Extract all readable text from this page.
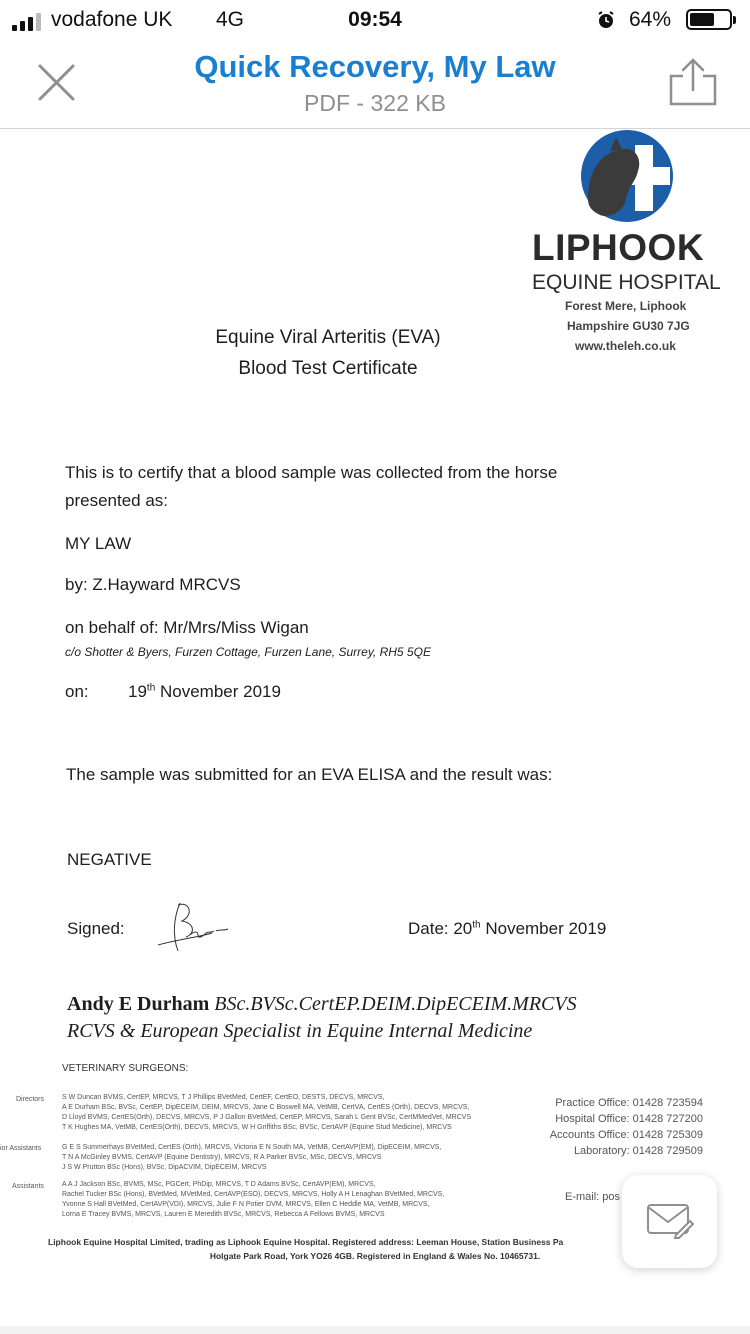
vodafone UK 4G	09:54	64%
Quick Recovery, My Law
PDF - 322 KB
LIPHOOK
EQUINE HOSPITAL
Forest Mere, Liphook
Hampshire GU30 7JG
www.theleh.co.uk
Equine Viral Arteritis (EVA)
Blood Test Certificate
This is to certify that a blood sample was collected from the horse
presented as:
MY LAW
by: Z.Hayward MRCVS
on behalf of: Mr/Mrs/Miss Wigan
c/o Shotter & Byers, Furzen Cottage, Furzen Lane, Surrey, RH5 5QE
on: 19th November 2019
The sample was submitted for an EVA ELISA and the result was:
NEGATIVE
Signed:	Date: 20th November 2019
Andy E Durham BSc.BVSc.CertEP.DEIM.DipECEIM.MRCVS
RCVS & European Specialist in Equine Internal Medicine
VETERINARY SURGEONS:
Directors	S W Duncan BVMS, CertEP, MRCVS, T J Phillips BVetMed, CertEF, CertEO, DESTS, DECVS, MRCVS,
A E Durham BSc, BVSc, CertEP, DipECEIM, DEIM, MRCVS, Jane C Boswell MA, VetMB, CertVA, CertES (Orth), DECVS, MRCVS,
D Lloyd BVMS, CertES(Orth), DECVS, MRCVS, P J Gallon BVetMed, CertEP, MRCVS, Sarah L Gent BVSc, CertMMedVet, MRCVS
T K Hughes MA, VetMB, CertES(Orth), DECVS, MRCVS, W H Griffiths BSc, BVSc, CertAVP (Equine Stud Medicine), MRCVS
ior Assistants	G E S Summerhays BVetMed, CertES (Orth), MRCVS, Victoria E N South MA, VetMB, CertAVP(EM), DipECEIM, MRCVS,
T N A McGinley BVMS, CertAVP (Equine Dentistry), MRCVS, R A Parker BVSc, MSc, DECVS, MRCVS
J S W Prutton BSc (Hons), BVSc, DipACVIM, DipECEIM, MRCVS
Assistants	A A J Jackson BSc, BVMS, MSc, PGCert, PhDip, MRCVS, T D Adams BVSc, CertAVP(EM), MRCVS,
Rachel Tucker BSc (Hons), BVetMed, MVetMed, CertAVP(ESO), DECVS, MRCVS, Holly A H Lenaghan BVetMed, MRCVS,
Yvonne S Hall BVetMed, CertAVP(VDI), MRCVS, Julie F N Potier DVM, MRCVS, Ellen C Heddle MA, VetMB, MRCVS,
Lorna E Tracey BVMS, MRCVS, Lauren E Meredith BVSc, MRCVS, Rebecca A Fellows BVMS, MRCVS
Practice Office: 01428 723594
Hospital Office: 01428 727200
Accounts Office: 01428 725309
Laboratory: 01428 729509
E-mail: pos
Liphook Equine Hospital Limited, trading as Liphook Equine Hospital. Registered address: Leeman House, Station Business Pa
Holgate Park Road, York YO26 4GB. Registered in England & Wales No. 10465731.
